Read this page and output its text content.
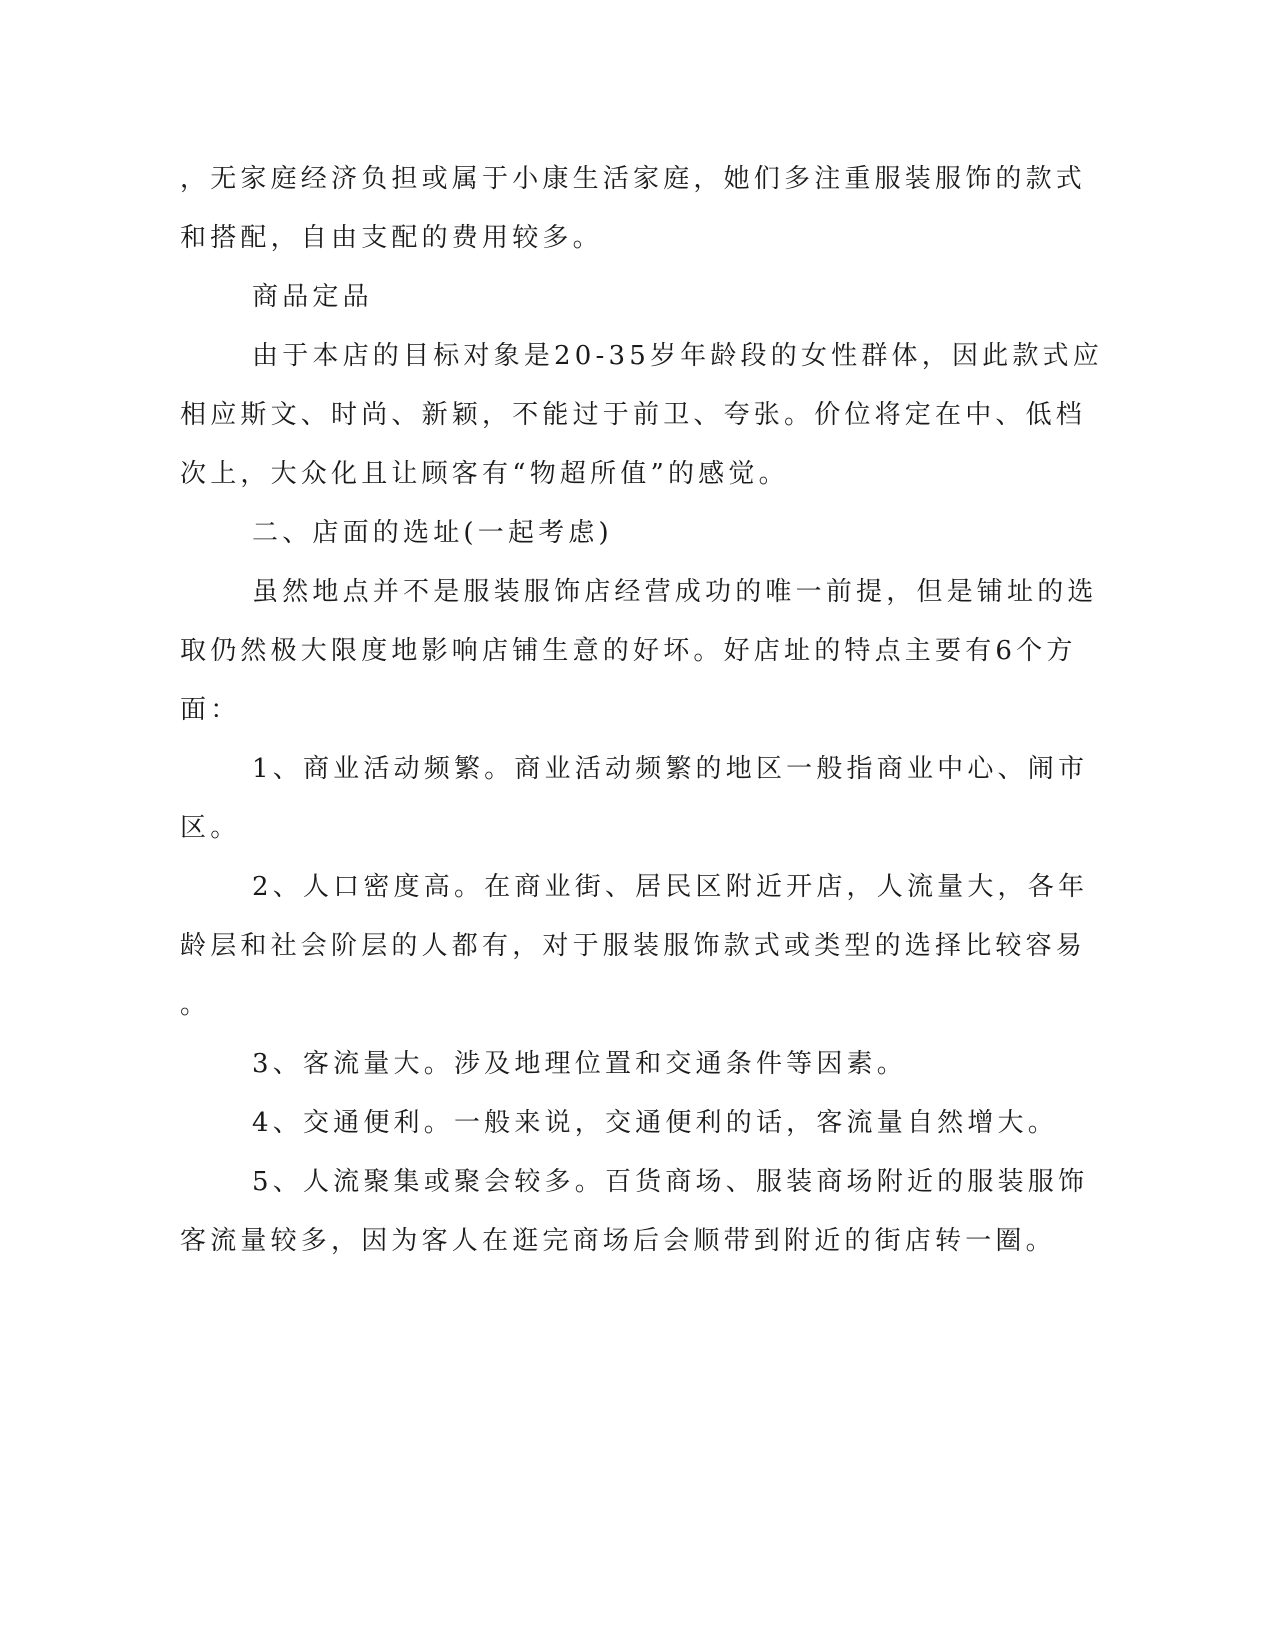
，无家庭经济负担或属于小康生活家庭，她们多注重服装服饰的款式
和搭配，自由支配的费用较多。
商品定品
由于本店的目标对象是20-35岁年龄段的女性群体，因此款式应
相应斯文、时尚、新颖，不能过于前卫、夸张。价位将定在中、低档
次上，大众化且让顾客有“物超所值”的感觉。
二、店面的选址(一起考虑)
虽然地点并不是服装服饰店经营成功的唯一前提，但是铺址的选
取仍然极大限度地影响店铺生意的好坏。好店址的特点主要有6个方
面：
1、商业活动频繁。商业活动频繁的地区一般指商业中心、闹市
区。
2、人口密度高。在商业街、居民区附近开店，人流量大，各年
龄层和社会阶层的人都有，对于服装服饰款式或类型的选择比较容易
。
3、客流量大。涉及地理位置和交通条件等因素。
4、交通便利。一般来说，交通便利的话，客流量自然增大。
5、人流聚集或聚会较多。百货商场、服装商场附近的服装服饰
客流量较多，因为客人在逛完商场后会顺带到附近的街店转一圈。
